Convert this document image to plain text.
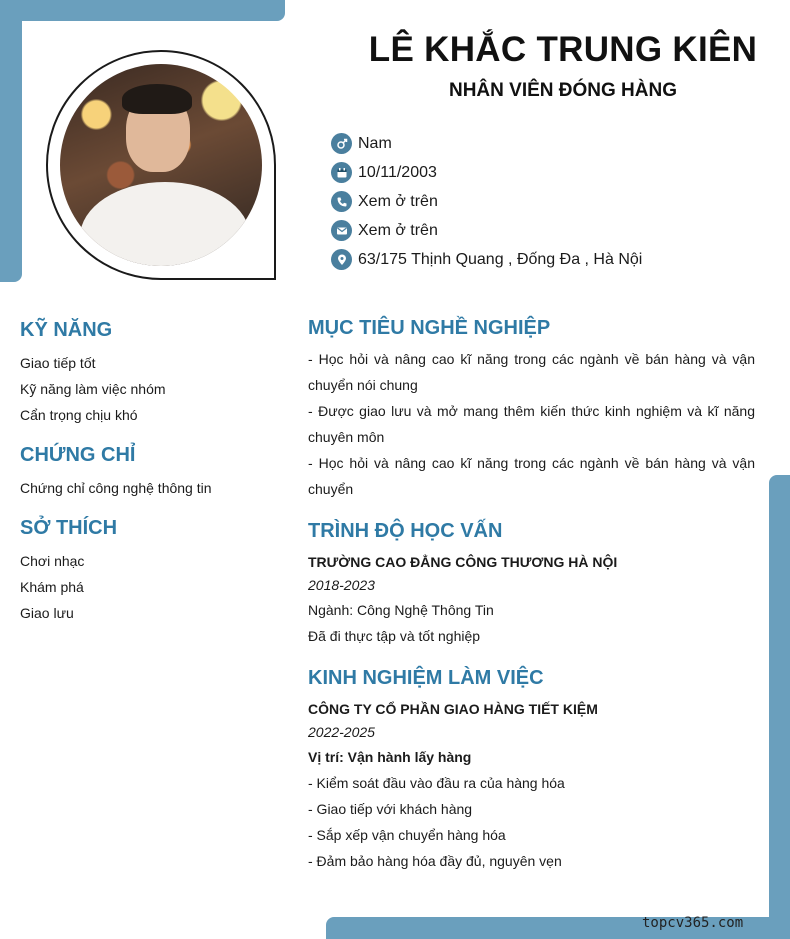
LÊ KHẮC TRUNG KIÊN
NHÂN VIÊN ĐÓNG HÀNG
Nam
10/11/2003
Xem ở trên
Xem ở trên
63/175 Thịnh Quang , Đống Đa , Hà Nội
KỸ NĂNG
Giao tiếp tốt
Kỹ năng làm việc nhóm
Cẩn trọng chịu khó
CHỨNG CHỈ
Chứng chỉ công nghệ thông tin
SỞ THÍCH
Chơi nhạc
Khám phá
Giao lưu
MỤC TIÊU NGHỀ NGHIỆP
- Học hỏi và nâng cao kĩ năng trong các ngành về bán hàng và vận chuyển nói chung
- Được giao lưu và mở mang thêm kiến thức kinh nghiệm và kĩ năng chuyên môn
- Học hỏi và nâng cao kĩ năng trong các ngành về bán hàng và vận chuyển
TRÌNH ĐỘ HỌC VẤN
TRƯỜNG CAO ĐẲNG CÔNG THƯƠNG HÀ NỘI
2018-2023
Ngành: Công Nghệ Thông Tin
Đã đi thực tập và tốt nghiệp
KINH NGHIỆM LÀM VIỆC
CÔNG TY CỔ PHẦN GIAO HÀNG TIẾT KIỆM
2022-2025
Vị trí: Vận hành lấy hàng
- Kiểm soát đầu vào đầu ra của hàng hóa
- Giao tiếp với khách hàng
- Sắp xếp vận chuyển hàng hóa
- Đảm bảo hàng hóa đầy đủ, nguyên vẹn
topcv365.com
